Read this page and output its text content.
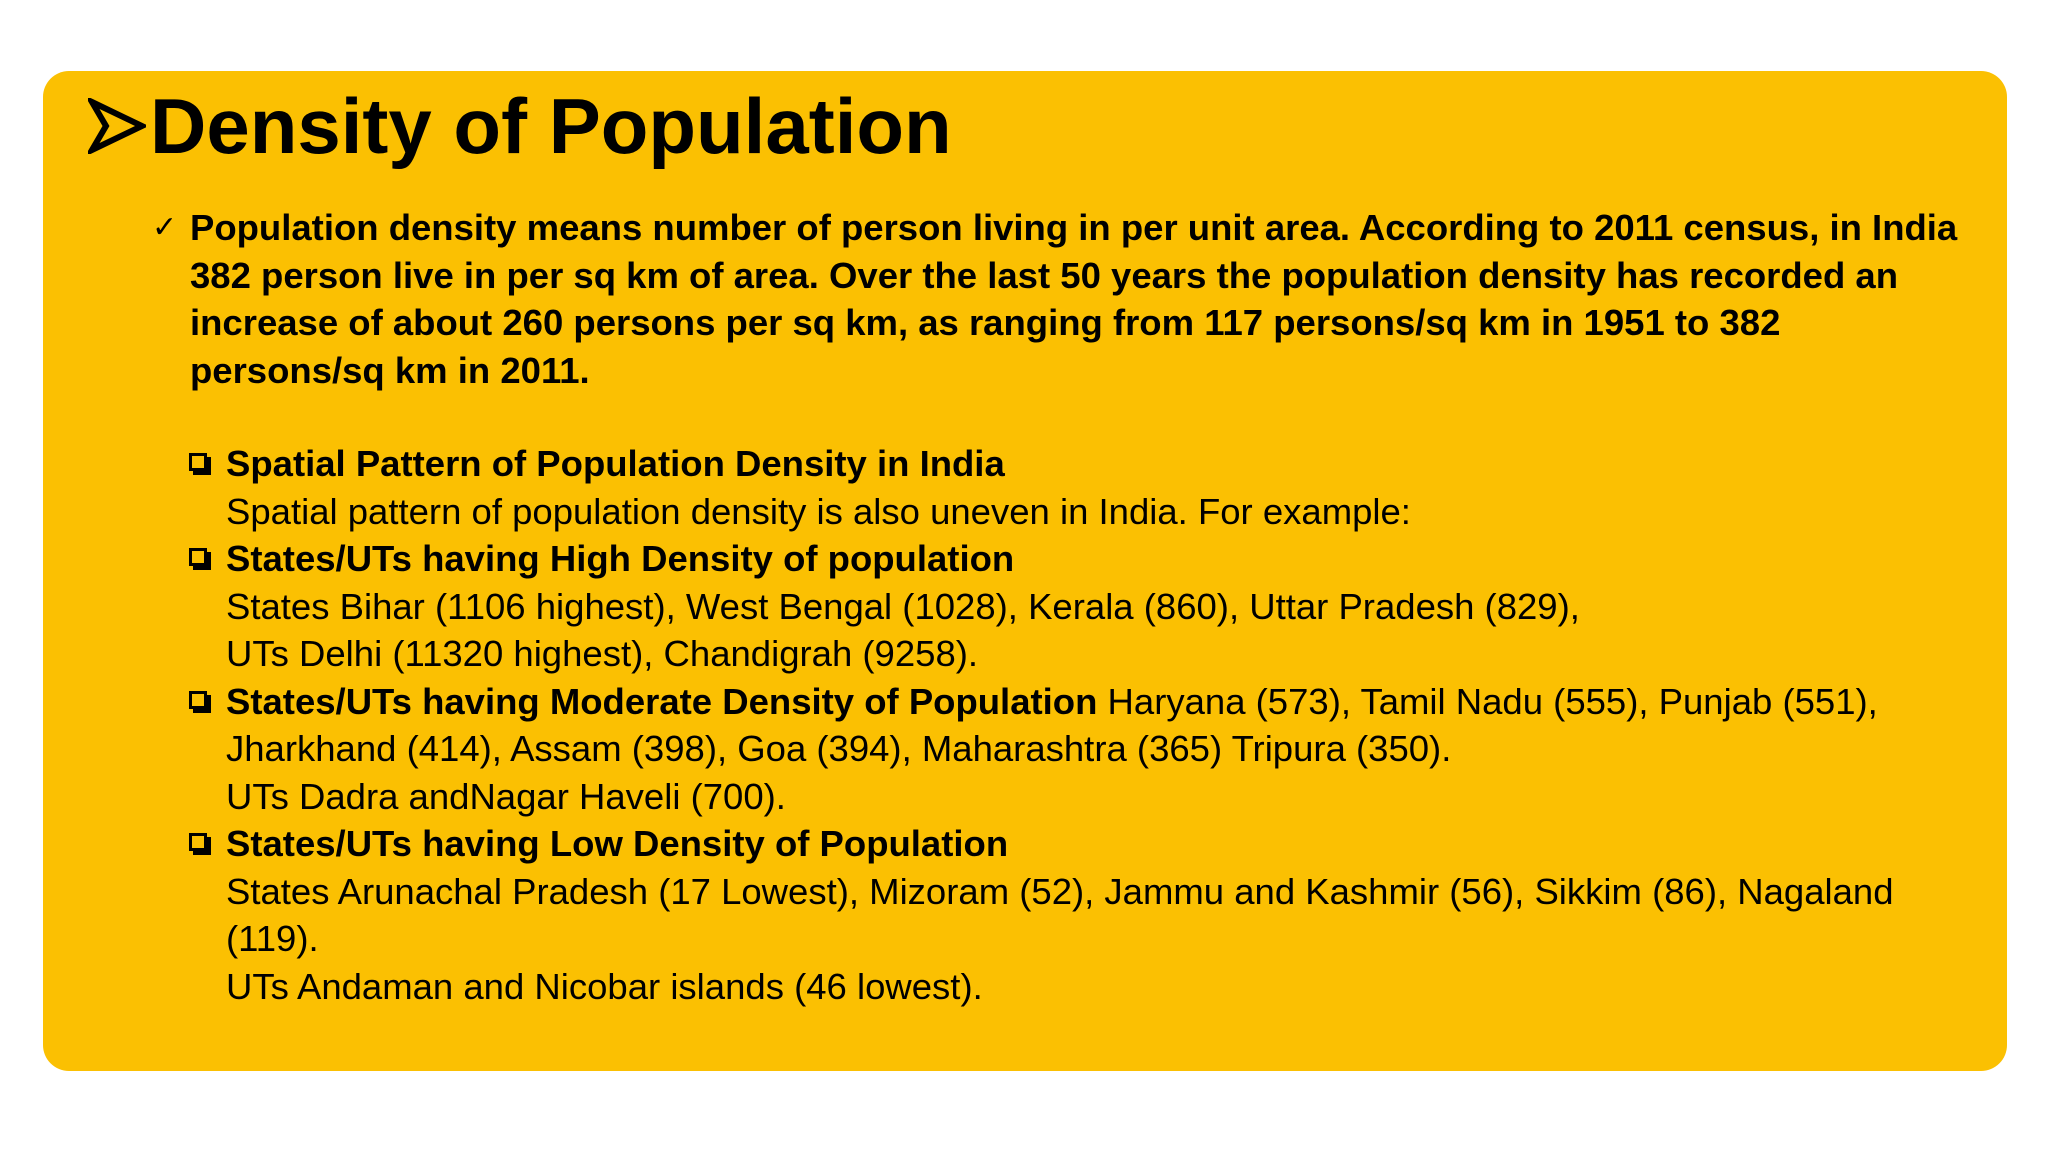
Density of Population
✓ Population density means number of person living in per unit area. According to 2011 census, in India 382 person live in per sq km of area. Over the last 50 years the population density has recorded an increase of about 260 persons per sq km, as ranging from 117 persons/sq km in 1951 to 382 persons/sq km in 2011.
Spatial Pattern of Population Density in India
Spatial pattern of population density is also uneven in India. For example:
States/UTs having High Density of population
States Bihar (1106 highest), West Bengal (1028), Kerala (860), Uttar Pradesh (829),
UTs Delhi (11320 highest), Chandigrah (9258).
States/UTs having Moderate Density of Population Haryana (573), Tamil Nadu (555), Punjab (551), Jharkhand (414), Assam (398), Goa (394), Maharashtra (365) Tripura (350).
UTs Dadra andNagar Haveli (700).
States/UTs having Low Density of Population
States Arunachal Pradesh (17 Lowest), Mizoram (52), Jammu and Kashmir (56), Sikkim (86), Nagaland (119).
UTs Andaman and Nicobar islands (46 lowest).
